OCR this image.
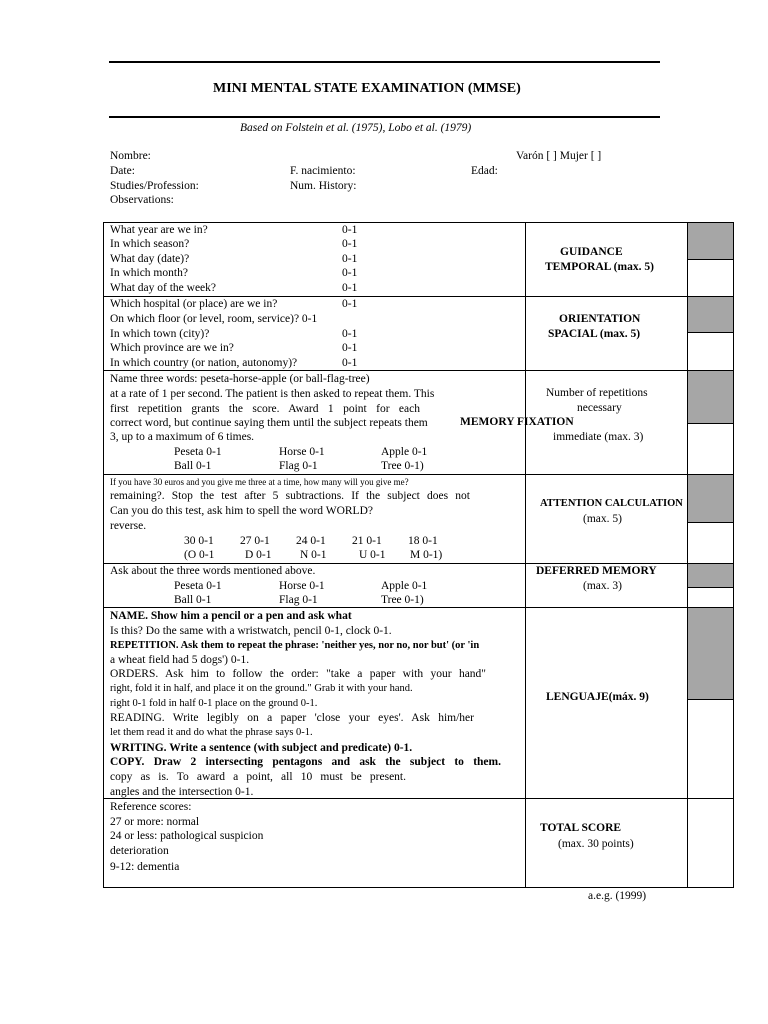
MINI MENTAL STATE EXAMINATION (MMSE)
Based on Folstein et al. (1975), Lobo et al. (1979)
Nombre:	Varón [ ] Mujer [ ]
Date:	F. nacimiento:	Edad:
Studies/Profession:	Num. History:
Observations:
What year are we in?	0-1
In which season?	0-1
What day (date)?	0-1
In which month?	0-1
What day of the week?	0-1
GUIDANCE
TEMPORAL (max. 5)
Which hospital (or place) are we in?	0-1
On which floor (or level, room, service)? 0-1
In which town (city)?	0-1
Which province are we in?	0-1
In which country (or nation, autonomy)?	0-1
ORIENTATION
SPACIAL (max. 5)
Name three words: peseta-horse-apple (or ball-flag-tree)
at a rate of 1 per second. The patient is then asked to repeat them. This
first repetition grants the score. Award 1 point for each
correct word, but continue saying them until the subject repeats them	MEMORY FIXATION
3, up to a maximum of 6 times.
Peseta 0-1	Horse 0-1	Apple 0-1
Ball 0-1	Flag 0-1	Tree 0-1)
Number of repetitions
necessary
immediate (max. 3)
If you have 30 euros and you give me three at a time, how many will you give me?
remaining?. Stop the test after 5 subtractions. If the subject does not
Can you do this test, ask him to spell the word WORLD?
reverse.
30 0-1 27 0-1 24 0-1 21 0-1 18 0-1
(O 0-1	D 0-1 N 0-1	U 0-1 M 0-1)
ATTENTION CALCULATION
(max. 5)
Ask about the three words mentioned above.
Peseta 0-1	Horse 0-1	Apple 0-1
Ball 0-1	Flag 0-1	Tree 0-1)
DEFERRED MEMORY
(max. 3)
NAME. Show him a pencil or a pen and ask what
Is this? Do the same with a wristwatch, pencil 0-1, clock 0-1.
REPETITION. Ask them to repeat the phrase: 'neither yes, nor no, nor but' (or 'in
a wheat field had 5 dogs') 0-1.
ORDERS. Ask him to follow the order: "take a paper with your hand"
right, fold it in half, and place it on the ground." Grab it with your hand.
right 0-1 fold in half 0-1 place on the ground 0-1.
READING. Write legibly on a paper 'close your eyes'. Ask him/her
let them read it and do what the phrase says 0-1.
WRITING. Write a sentence (with subject and predicate) 0-1.
COPY. Draw 2 intersecting pentagons and ask the subject to them.
copy as is. To award a point, all 10 must be present.
angles and the intersection 0-1.
LENGUAJE(máx. 9)
Reference scores:
27 or more: normal
24 or less: pathological suspicion
deterioration
9-12: dementia
TOTAL SCORE
(max. 30 points)
a.e.g. (1999)
